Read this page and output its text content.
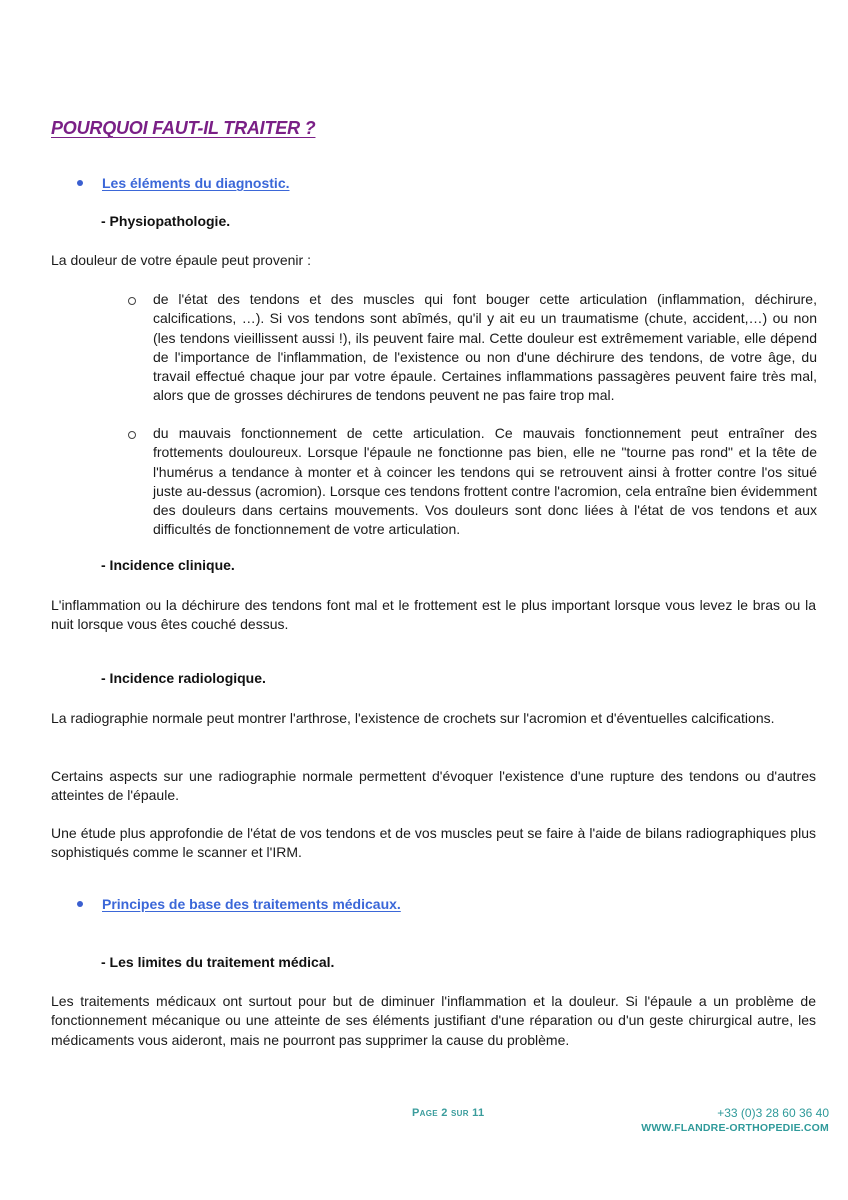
POURQUOI FAUT-IL TRAITER ?
Les éléments du diagnostic.
- Physiopathologie.
La douleur de votre épaule peut provenir :
de l'état des tendons et des muscles qui font bouger cette articulation (inflammation, déchirure, calcifications, …). Si vos tendons sont abîmés, qu'il y ait eu un traumatisme (chute, accident,…) ou non (les tendons vieillissent aussi !), ils peuvent faire mal. Cette douleur est extrêmement variable, elle dépend de l'importance de l'inflammation, de l'existence ou non d'une déchirure des tendons, de votre âge, du travail effectué chaque jour par votre épaule. Certaines inflammations passagères peuvent faire très mal, alors que de grosses déchirures de tendons peuvent ne pas faire trop mal.
du mauvais fonctionnement de cette articulation. Ce mauvais fonctionnement peut entraîner des frottements douloureux. Lorsque l'épaule ne fonctionne pas bien, elle ne "tourne pas rond" et la tête de l'humérus a tendance à monter et à coincer les tendons qui se retrouvent ainsi à frotter contre l'os situé juste au-dessus (acromion). Lorsque ces tendons frottent contre l'acromion, cela entraîne bien évidemment des douleurs dans certains mouvements. Vos douleurs sont donc liées à l'état de vos tendons et aux difficultés de fonctionnement de votre articulation.
- Incidence clinique.
L'inflammation ou la déchirure des tendons font mal et le frottement est le plus important lorsque vous levez le bras ou la nuit lorsque vous êtes couché dessus.
- Incidence radiologique.
La radiographie normale peut montrer l'arthrose, l'existence de crochets sur l'acromion et d'éventuelles calcifications.
Certains aspects sur une radiographie normale permettent d'évoquer l'existence d'une rupture des tendons ou d'autres atteintes de l'épaule.
Une étude plus approfondie de l'état de vos tendons et de vos muscles peut se faire à l'aide de bilans radiographiques plus sophistiqués comme le scanner et l'IRM.
Principes de base des traitements médicaux.
- Les limites du traitement médical.
Les traitements médicaux ont surtout pour but de diminuer l'inflammation et la douleur. Si l'épaule a un problème de fonctionnement mécanique ou une atteinte de ses éléments justifiant d'une réparation ou d'un geste chirurgical autre, les médicaments vous aideront, mais ne pourront pas supprimer la cause du problème.
Page 2 sur 11	+33 (0)3 28 60 36 40
WWW.FLANDRE-ORTHOPEDIE.COM
